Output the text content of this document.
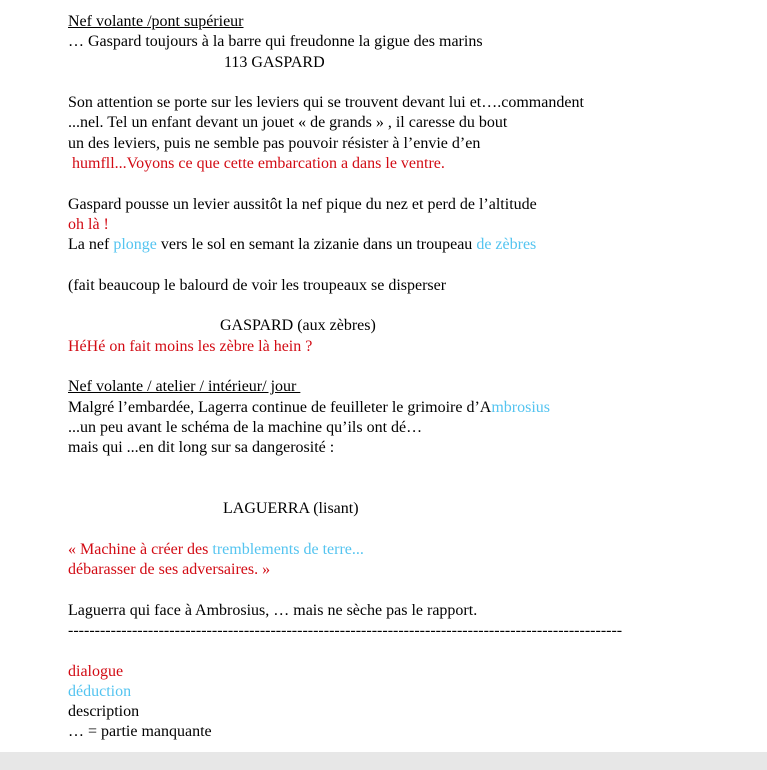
Nef volante /pont supérieur
… Gaspard toujours à la barre qui freudonne la gigue des marins
113 GASPARD
Son attention se porte sur les leviers qui se trouvent devant lui et….commandent
...nel. Tel un enfant devant un jouet « de grands » , il caresse du bout
un des leviers, puis ne semble pas pouvoir résister à l’envie d’en
humfll...Voyons ce que cette embarcation a dans le ventre.
Gaspard pousse un levier aussitôt la nef pique du nez et perd de l’altitude
oh là !
La nef plonge vers le sol en semant la zizanie dans un troupeau de zèbres
(fait beaucoup le balourd de voir les troupeaux se disperser
GASPARD (aux zèbres)
HéHé on fait moins les zèbre là hein ?
Nef volante / atelier / intérieur/ jour
Malgré l’embardée, Lagerra continue de feuilleter le grimoire d’Ambrosius
...un peu avant le schéma de la machine qu’ils ont dé…
mais qui ...en dit long sur sa dangerosité :
LAGUERRA (lisant)
« Machine à créer des tremblements de terre...
débarasser de ses adversaires. »
Laguerra qui face à Ambrosius, … mais ne sèche pas le rapport.
--------------------------------------------------------------------------------------------------------
dialogue
déduction
description
… = partie manquante
